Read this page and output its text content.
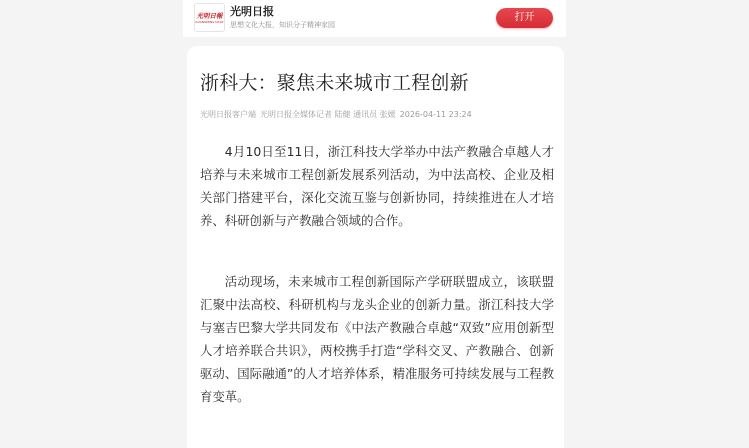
光明日報
GUANGMING DAILY
光明日报
思想文化大报，知识分子精神家园
打开
浙科大：聚焦未来城市工程创新
光明日报客户端 光明日报全媒体记者 陆健 通讯员 张媛 2026-04-11 23:24

4月10日至11日，浙江科技大学举办中法产教融合卓越人才培养与未来城市工程创新发展系列活动，为中法高校、企业及相关部门搭建平台，深化交流互鉴与创新协同，持续推进在人才培养、科研创新与产教融合领域的合作。

活动现场，未来城市工程创新国际产学研联盟成立，该联盟汇聚中法高校、科研机构与龙头企业的创新力量。浙江科技大学与塞吉巴黎大学共同发布《中法产教融合卓越“双致”应用创新型人才培养联合共识》，两校携手打造“学科交叉、产教融合、创新驱动、国际融通”的人才培养体系，精准服务可持续发展与工程教育变革。
